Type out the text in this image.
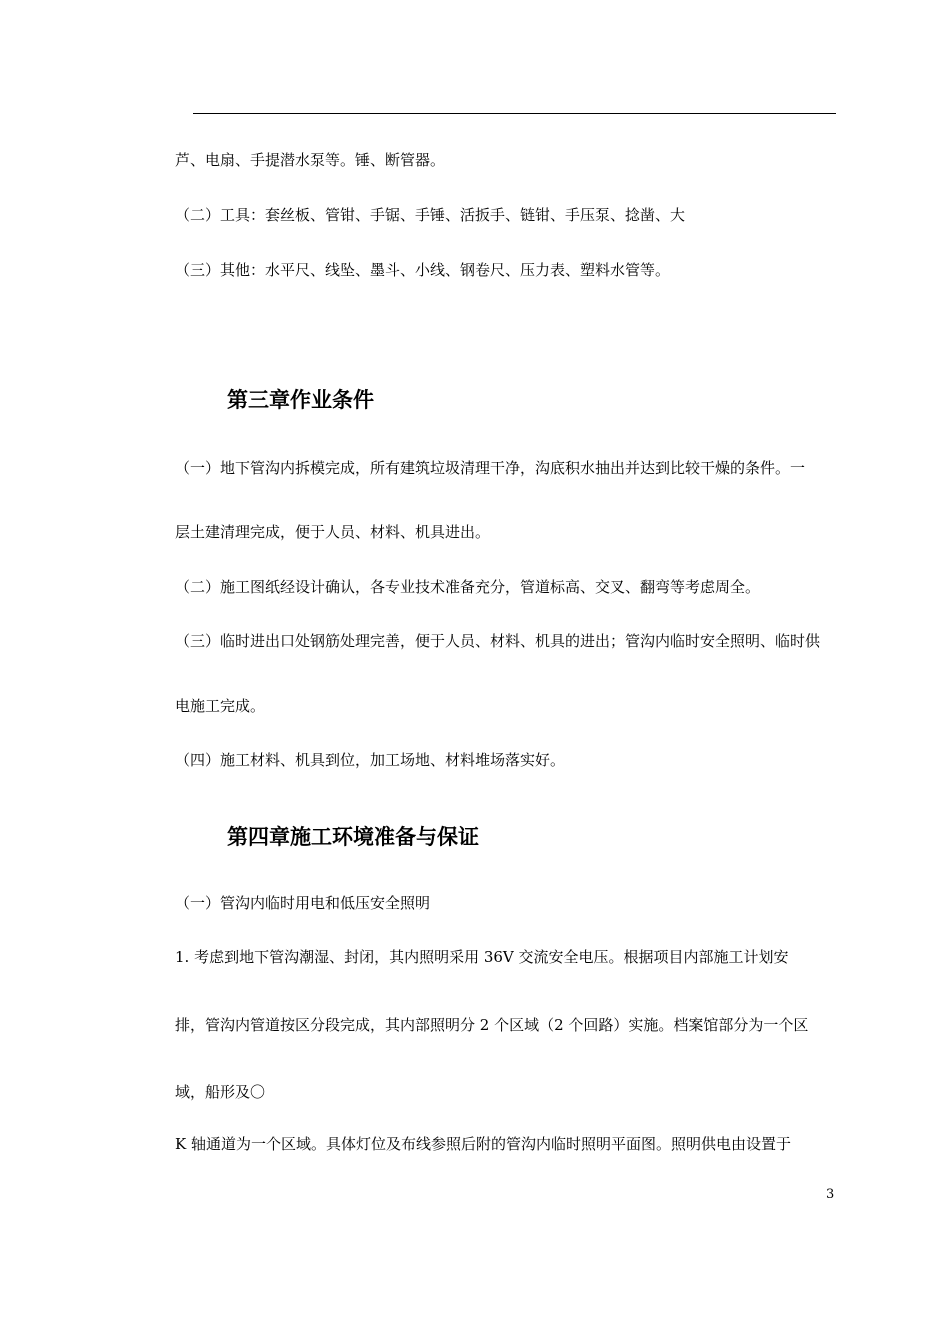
芦、电扇、手提潜水泵等。锤、断管器。
（二）工具：套丝板、管钳、手锯、手锤、活扳手、链钳、手压泵、捻凿、大
（三）其他：水平尺、线坠、墨斗、小线、钢卷尺、压力表、塑料水管等。
第三章作业条件
（一）地下管沟内拆模完成，所有建筑垃圾清理干净，沟底积水抽出并达到比较干燥的条件。一
层土建清理完成，便于人员、材料、机具进出。
（二）施工图纸经设计确认，各专业技术准备充分，管道标高、交叉、翻弯等考虑周全。
（三）临时进出口处钢筋处理完善，便于人员、材料、机具的进出；管沟内临时安全照明、临时供
电施工完成。
（四）施工材料、机具到位，加工场地、材料堆场落实好。
第四章施工环境准备与保证
（一）管沟内临时用电和低压安全照明
1. 考虑到地下管沟潮湿、封闭，其内照明采用 36V 交流安全电压。根据项目内部施工计划安
排，管沟内管道按区分段完成，其内部照明分 2 个区域（2 个回路）实施。档案馆部分为一个区
域，船形及〇
K 轴通道为一个区域。具体灯位及布线参照后附的管沟内临时照明平面图。照明供电由设置于
3
